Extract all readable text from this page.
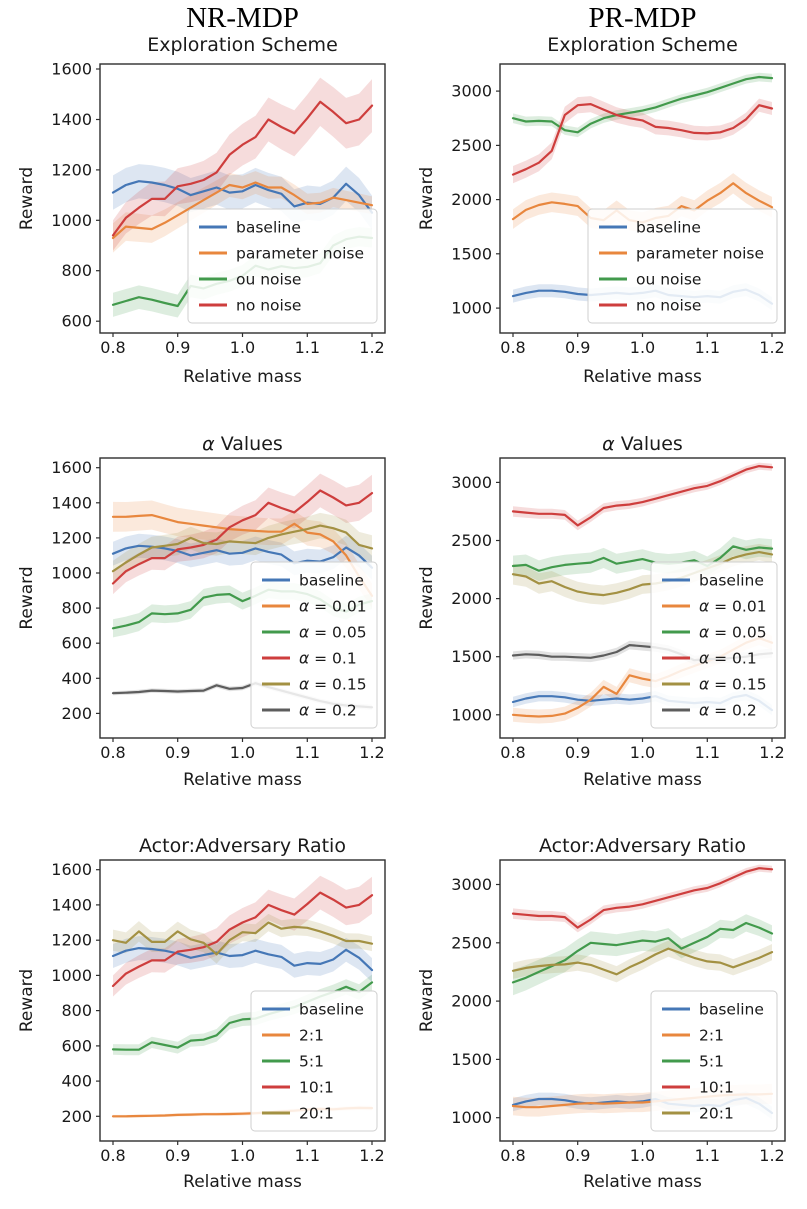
NR-MDP
0.8 0.9 1.0 1.1 1.2
600
800
1000
1200
1400
1600
Exploration Scheme
Relative mass
Reward	baseline
parameter noise
ou noise
no noise
0.8 0.9 1.0 1.1 1.2
200
400
600
800
1000
1200
1400
1600
α Values
Relative mass
Reward	baseline
α = 0.01
α = 0.05
α = 0.1
α = 0.15
α = 0.2
0.8 0.9 1.0 1.1 1.2
200
400
600
800
1000
1200
1400
1600
Actor:Adversary Ratio
Relative mass
Reward	baseline
2:1
5:1
10:1
20:1
PR-MDP
0.8 0.9 1.0 1.1 1.2
1000
1500
2000
2500
3000
Exploration Scheme
Relative mass
Reward	baseline
parameter noise
ou noise
no noise
0.8 0.9 1.0 1.1 1.2
1000
1500
2000
2500
3000
α Values
Relative mass
Reward	baseline
α = 0.01
α = 0.05
α = 0.1
α = 0.15
α = 0.2
0.8 0.9 1.0 1.1 1.2
1000
1500
2000
2500
3000
Actor:Adversary Ratio
Relative mass
Reward	baseline
2:1
5:1
10:1
20:1
